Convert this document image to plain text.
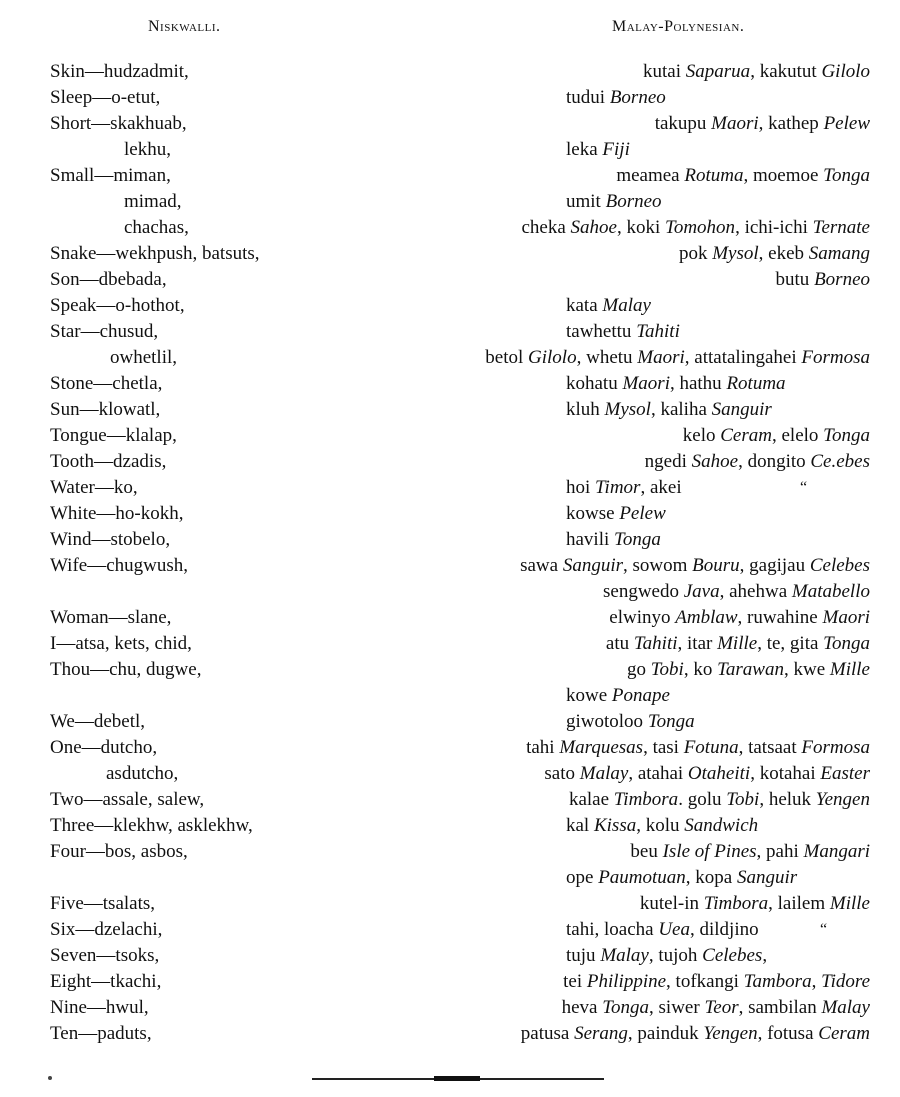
Niskwalli.	Malay-Polynesian.
Skin—hudzadmit,	kutai Saparua, kakutut Gilolo
Sleep—o-etut,	tudui Borneo
Short—skakhuab,	takupu Maori, kathep Pelew
lekhu,	leka Fiji
Small—miman,	meamea Rotuma, moemoe Tonga
mimad,	umit Borneo
chachas,	cheka Sahoe, koki Tomohon, ichi-ichi Ternate
Snake—wekhpush, batsuts,	pok Mysol, ekeb Samang
Son—dbebada,	butu Borneo
Speak—o-hothot,	kata Malay
Star—chusud,	tawhettu Tahiti
owhetlil,	betol Gilolo, whetu Maori, attatalingahei Formosa
Stone—chetla,	kohatu Maori, hathu Rotuma
Sun—klowatl,	kluh Mysol, kaliha Sanguir
Tongue—klalap,	kelo Ceram, elelo Tonga
Tooth—dzadis,	ngedi Sahoe, dongito Ce.ebes
Water—ko,	hoi Timor, akei	“
White—ho-kokh,	kowse Pelew
Wind—stobelo,	havili Tonga
Wife—chugwush,	sawa Sanguir, sowom Bouru, gagijau Celebes
sengwedo Java, ahehwa Matabello
Woman—slane,	elwinyo Amblaw, ruwahine Maori
I—atsa, kets, chid,	atu Tahiti, itar Mille, te, gita Tonga
Thou—chu, dugwe,	go Tobi, ko Tarawan, kwe Mille
kowe Ponape
We—debetl,	giwotoloo Tonga
One—dutcho,	tahi Marquesas, tasi Fotuna, tatsaat Formosa
asdutcho,	sato Malay, atahai Otaheiti, kotahai Easter
Two—assale, salew,	kalae Timbora. golu Tobi, heluk Yengen
Three—klekhw, asklekhw,	kal Kissa, kolu Sandwich
Four—bos, asbos,	beu Isle of Pines, pahi Mangari
ope Paumotuan, kopa Sanguir
Five—tsalats,	kutel-in Timbora, lailem Mille
Six—dzelachi,	tahi, loacha Uea, dildjino	“
Seven—tsoks,	tuju Malay, tujoh Celebes,
Eight—tkachi,	tei Philippine, tofkangi Tambora, Tidore
Nine—hwul,	heva Tonga, siwer Teor, sambilan Malay
Ten—paduts,	patusa Serang, painduk Yengen, fotusa Ceram
